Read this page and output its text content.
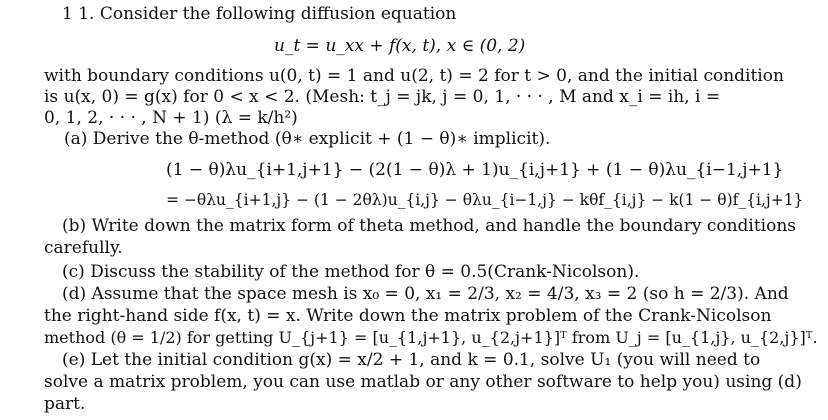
1 1. Consider the following diffusion equation
u_t = u_xx + f(x, t), x ∈ (0, 2)
with boundary conditions u(0, t) = 1 and u(2, t) = 2 for t > 0, and the initial condition
is u(x, 0) = g(x) for 0 < x < 2. (Mesh: t_j = jk, j = 0, 1, · · · , M and x_i = ih, i =
0, 1, 2, · · · , N + 1) (λ = k/h²)
(a) Derive the θ-method (θ∗ explicit + (1 − θ)∗ implicit).
(1 − θ)λu_{i+1,j+1} − (2(1 − θ)λ + 1)u_{i,j+1} + (1 − θ)λu_{i−1,j+1}
= −θλu_{i+1,j} − (1 − 2θλ)u_{i,j} − θλu_{i−1,j} − kθf_{i,j} − k(1 − θ)f_{i,j+1}
(b) Write down the matrix form of theta method, and handle the boundary conditions
carefully.
(c) Discuss the stability of the method for θ = 0.5(Crank-Nicolson).
(d) Assume that the space mesh is x₀ = 0, x₁ = 2/3, x₂ = 4/3, x₃ = 2 (so h = 2/3). And
the right-hand side f(x, t) = x. Write down the matrix problem of the Crank-Nicolson
method (θ = 1/2) for getting U_{j+1} = [u_{1,j+1}, u_{2,j+1}]ᵀ from U_j = [u_{1,j}, u_{2,j}]ᵀ.
(e) Let the initial condition g(x) = x/2 + 1, and k = 0.1, solve U₁ (you will need to
solve a matrix problem, you can use matlab or any other software to help you) using (d)
part.
